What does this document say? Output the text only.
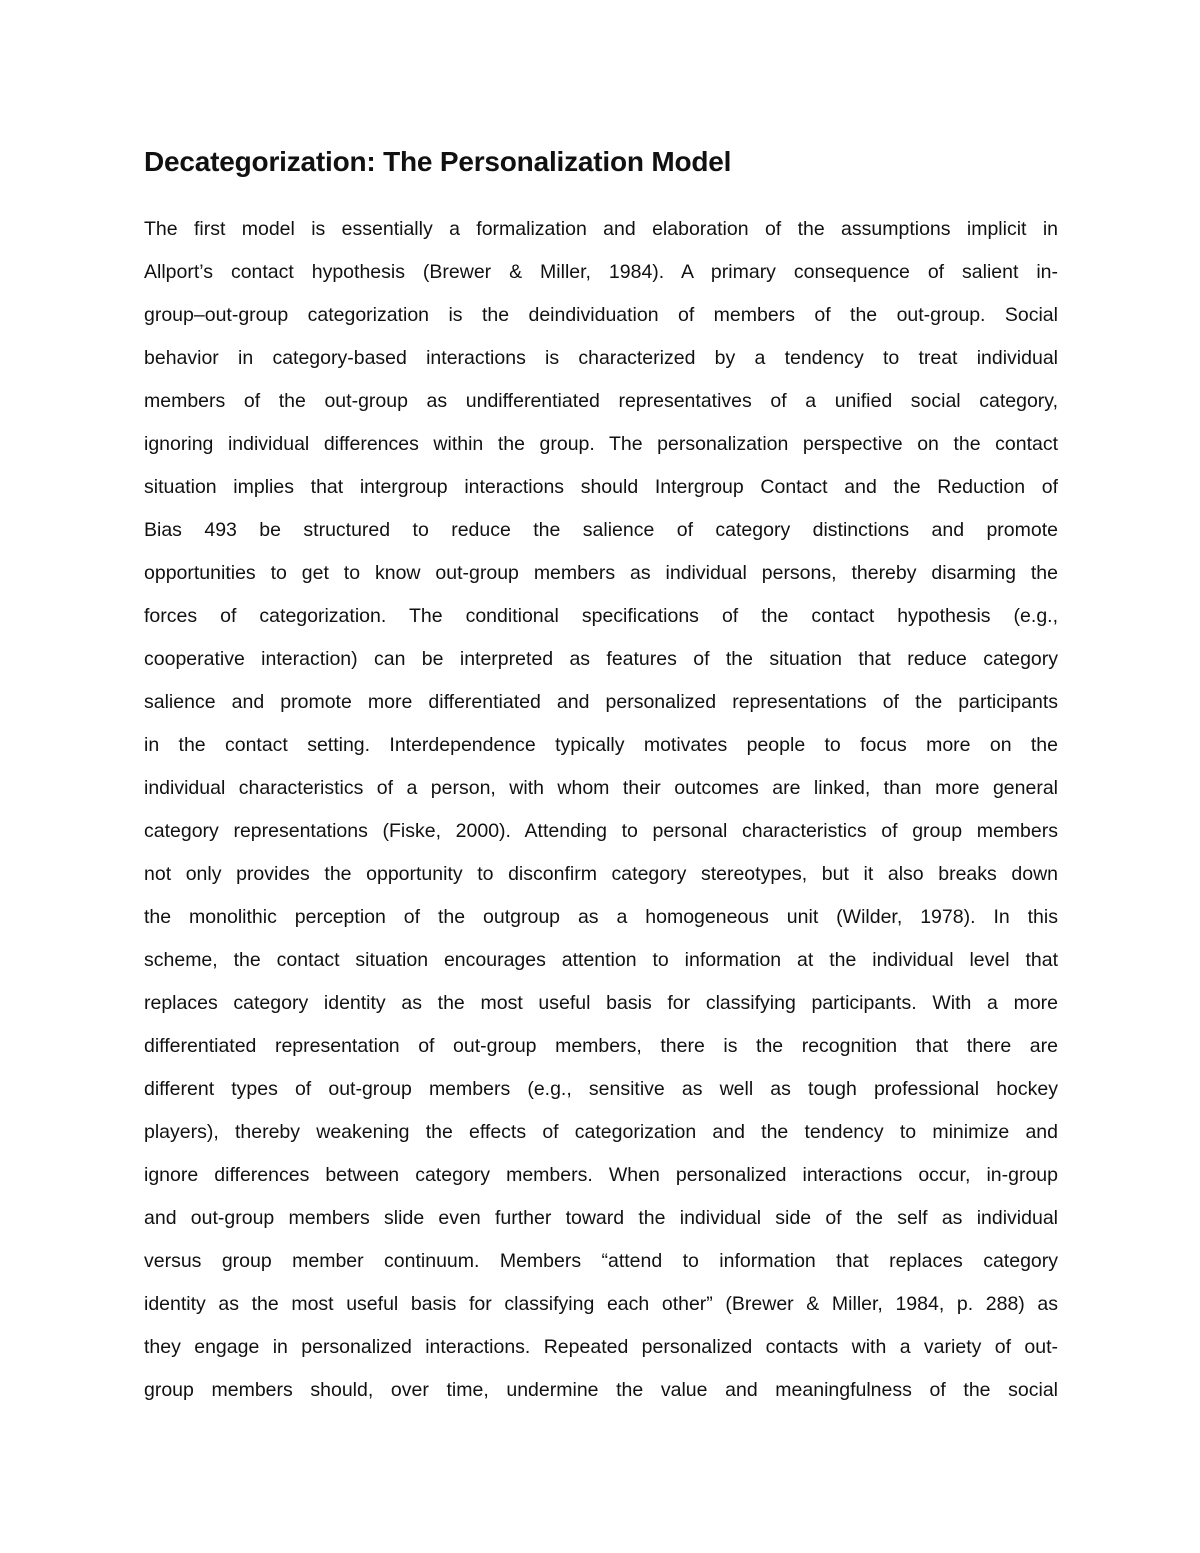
Decategorization: The Personalization Model
The first model is essentially a formalization and elaboration of the assumptions implicit in
Allport’s contact hypothesis (Brewer & Miller, 1984). A primary consequence of salient in-
group–out-group categorization is the deindividuation of members of the out-group. Social
behavior in category-based interactions is characterized by a tendency to treat individual
members of the out-group as undifferentiated representatives of a unified social category,
ignoring individual differences within the group. The personalization perspective on the contact
situation implies that intergroup interactions should Intergroup Contact and the Reduction of
Bias 493 be structured to reduce the salience of category distinctions and promote
opportunities to get to know out-group members as individual persons, thereby disarming the
forces of categorization. The conditional specifications of the contact hypothesis (e.g.,
cooperative interaction) can be interpreted as features of the situation that reduce category
salience and promote more differentiated and personalized representations of the participants
in the contact setting. Interdependence typically motivates people to focus more on the
individual characteristics of a person, with whom their outcomes are linked, than more general
category representations (Fiske, 2000). Attending to personal characteristics of group members
not only provides the opportunity to disconfirm category stereotypes, but it also breaks down
the monolithic perception of the outgroup as a homogeneous unit (Wilder, 1978). In this
scheme, the contact situation encourages attention to information at the individual level that
replaces category identity as the most useful basis for classifying participants. With a more
differentiated representation of out-group members, there is the recognition that there are
different types of out-group members (e.g., sensitive as well as tough professional hockey
players), thereby weakening the effects of categorization and the tendency to minimize and
ignore differences between category members. When personalized interactions occur, in-group
and out-group members slide even further toward the individual side of the self as individual
versus group member continuum. Members “attend to information that replaces category
identity as the most useful basis for classifying each other” (Brewer & Miller, 1984, p. 288) as
they engage in personalized interactions. Repeated personalized contacts with a variety of out-
group members should, over time, undermine the value and meaningfulness of the social
